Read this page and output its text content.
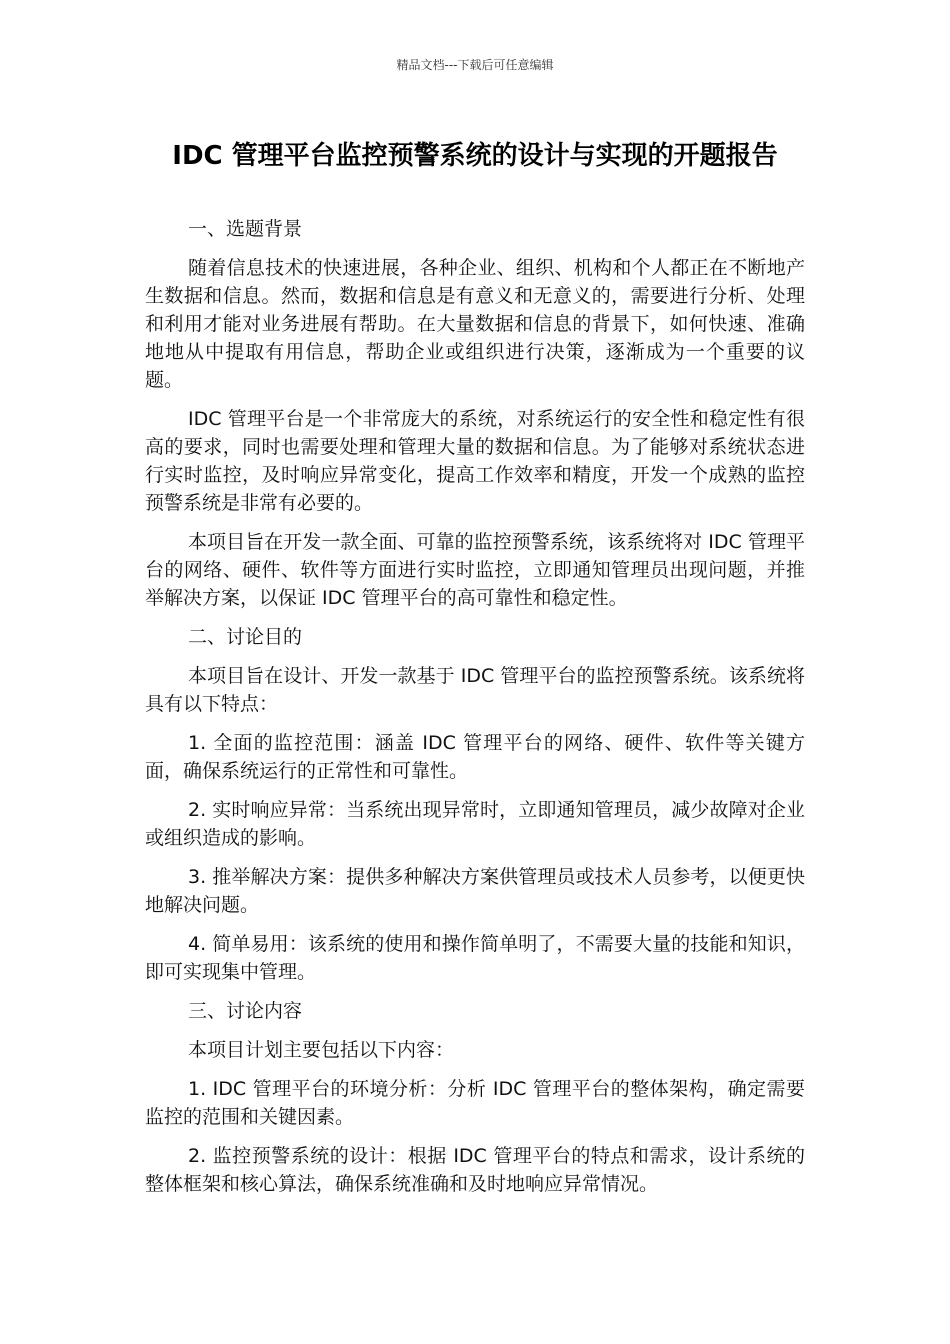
精品文档---下载后可任意编辑
IDC 管理平台监控预警系统的设计与实现的开题报告

一、选题背景

随着信息技术的快速进展，各种企业、组织、机构和个人都正在不断地产生数据和信息。然而，数据和信息是有意义和无意义的，需要进行分析、处理和利用才能对业务进展有帮助。在大量数据和信息的背景下，如何快速、准确地地从中提取有用信息，帮助企业或组织进行决策，逐渐成为一个重要的议题。

IDC 管理平台是一个非常庞大的系统，对系统运行的安全性和稳定性有很高的要求，同时也需要处理和管理大量的数据和信息。为了能够对系统状态进行实时监控，及时响应异常变化，提高工作效率和精度，开发一个成熟的监控预警系统是非常有必要的。

本项目旨在开发一款全面、可靠的监控预警系统，该系统将对 IDC 管理平台的网络、硬件、软件等方面进行实时监控，立即通知管理员出现问题，并推举解决方案，以保证 IDC 管理平台的高可靠性和稳定性。

二、讨论目的

本项目旨在设计、开发一款基于 IDC 管理平台的监控预警系统。该系统将具有以下特点：

1. 全面的监控范围：涵盖 IDC 管理平台的网络、硬件、软件等关键方面，确保系统运行的正常性和可靠性。

2. 实时响应异常：当系统出现异常时，立即通知管理员，减少故障对企业或组织造成的影响。

3. 推举解决方案：提供多种解决方案供管理员或技术人员参考，以便更快地解决问题。

4. 简单易用：该系统的使用和操作简单明了，不需要大量的技能和知识，即可实现集中管理。

三、讨论内容

本项目计划主要包括以下内容：

1. IDC 管理平台的环境分析：分析 IDC 管理平台的整体架构，确定需要监控的范围和关键因素。

2. 监控预警系统的设计：根据 IDC 管理平台的特点和需求，设计系统的整体框架和核心算法，确保系统准确和及时地响应异常情况。
